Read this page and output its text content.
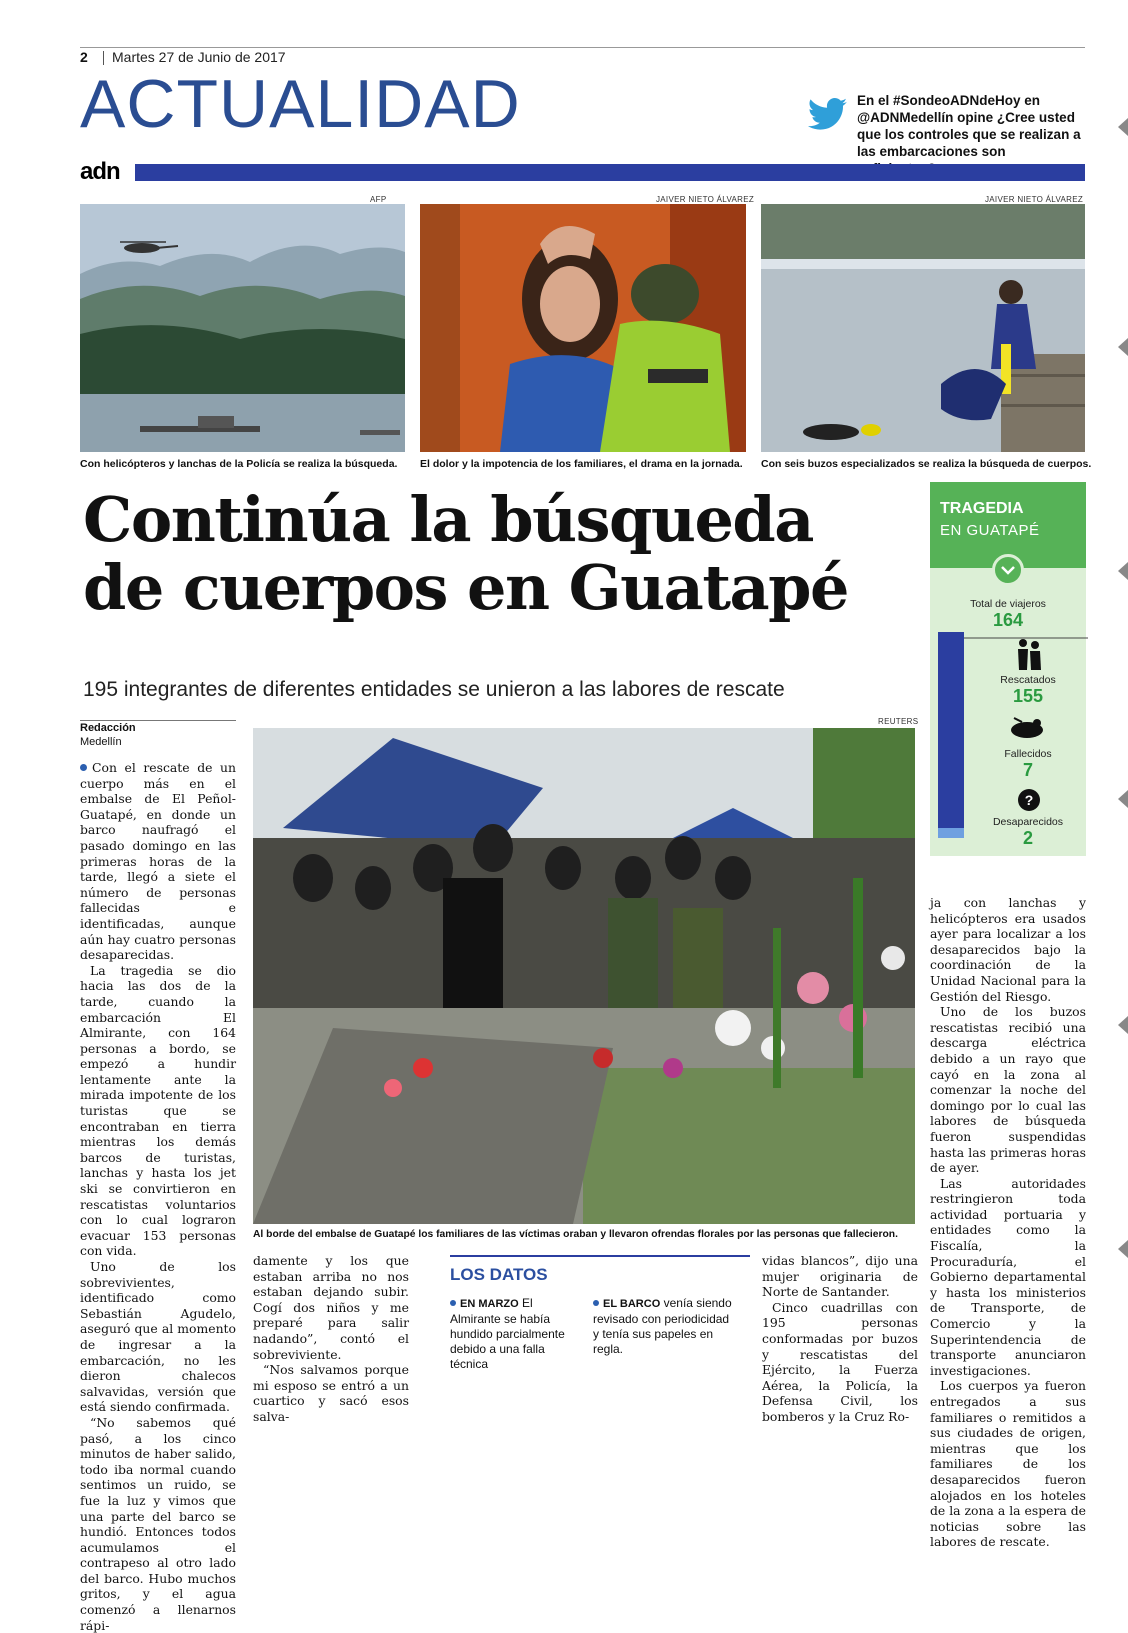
2 Martes 27 de Junio de 2017
ACTUALIDAD	En el #SondeoADNdeHoy en @ADNMedellín opine ¿Cree usted que los controles que se realizan a las embarcaciones son
adn
AFP
Con helicópteros y lanchas de la Policía se realiza la búsqueda.
JAIVER NIETO ÁLVAREZ
El dolor y la impotencia de los familiares, el drama en la jornada.
JAIVER NIETO ÁLVAREZ
Con seis buzos especializados se realiza la búsqueda de cuerpos.
Continúa la búsqueda
de cuerpos en Guatapé
195 integrantes de diferentes entidades se unieron a las labores de rescate
TRAGEDIA
EN GUATAPÉ
Total de viajeros
164
Rescatados
155
Fallecidos
7
?
Desaparecidos
2
Redacción
Medellín
REUTERS
Al borde del embalse de Guatapé los familiares de las víctimas oraban y llevaron ofrendas florales por las personas que fallecieron.

Con el rescate de un cuerpo más en el embalse de El Peñol-Guatapé, en donde un barco naufragó el pasado domingo en las primeras horas de la tarde, llegó a siete el número de personas fallecidas e identificadas, aunque aún hay cuatro personas desaparecidas.

La tragedia se dio hacia las dos de la tarde, cuando la embarcación El Almirante, con 164 personas a bordo, se empezó a hundir lentamente ante la mirada impotente de los turistas que se encontraban en tierra mientras los demás barcos de turistas, lanchas y hasta los jet ski se convirtieron en rescatistas voluntarios con lo cual lograron evacuar 153 personas con vida.

Uno de los sobrevivientes, identificado como Sebastián Agudelo, aseguró que al momento de ingresar a la embarcación, no les dieron chalecos salvavidas, versión que está siendo confirmada.

“No sabemos qué pasó, a los cinco minutos de haber salido, todo iba normal cuando sentimos un ruido, se fue la luz y vimos que una parte del barco se hundió. Entonces todos acumulamos el contrapeso al otro lado del barco. Hubo muchos gritos, y el agua comenzó a llenarnos rápi-

damente y los que estaban arriba no nos estaban dejando subir. Cogí dos niños y me preparé para salir nadando”, contó el sobreviviente.

“Nos salvamos porque mi esposo se entró a un cuartico y sacó esos salva-

LOS DATOS
EN MARZO El Almirante se había hundido parcialmente debido a una falla técnica
EL BARCO venía siendo revisado con periodicidad y tenía sus papeles en regla.

vidas blancos”, dijo una mujer originaria de Norte de Santander.

Cinco cuadrillas con 195 personas conformadas por buzos y rescatistas del Ejército, la Fuerza Aérea, la Policía, la Defensa Civil, los bomberos y la Cruz Ro-

ja con lanchas y helicópteros era usados ayer para localizar a los desaparecidos bajo la coordinación de la Unidad Nacional para la Gestión del Riesgo.

Uno de los buzos rescatistas recibió una descarga eléctrica debido a un rayo que cayó en la zona al comenzar la noche del domingo por lo cual las labores de búsqueda fueron suspendidas hasta las primeras horas de ayer.

Las autoridades restringieron toda actividad portuaria y entidades como la Fiscalía, la Procuraduría, el Gobierno departamental y hasta los ministerios de Transporte, de Comercio y la Superintendencia de transporte anunciaron investigaciones.

Los cuerpos ya fueron entregados a sus familiares o remitidos a sus ciudades de origen, mientras que los familiares de los desaparecidos fueron alojados en los hoteles de la zona a la espera de noticias sobre las labores de rescate.
